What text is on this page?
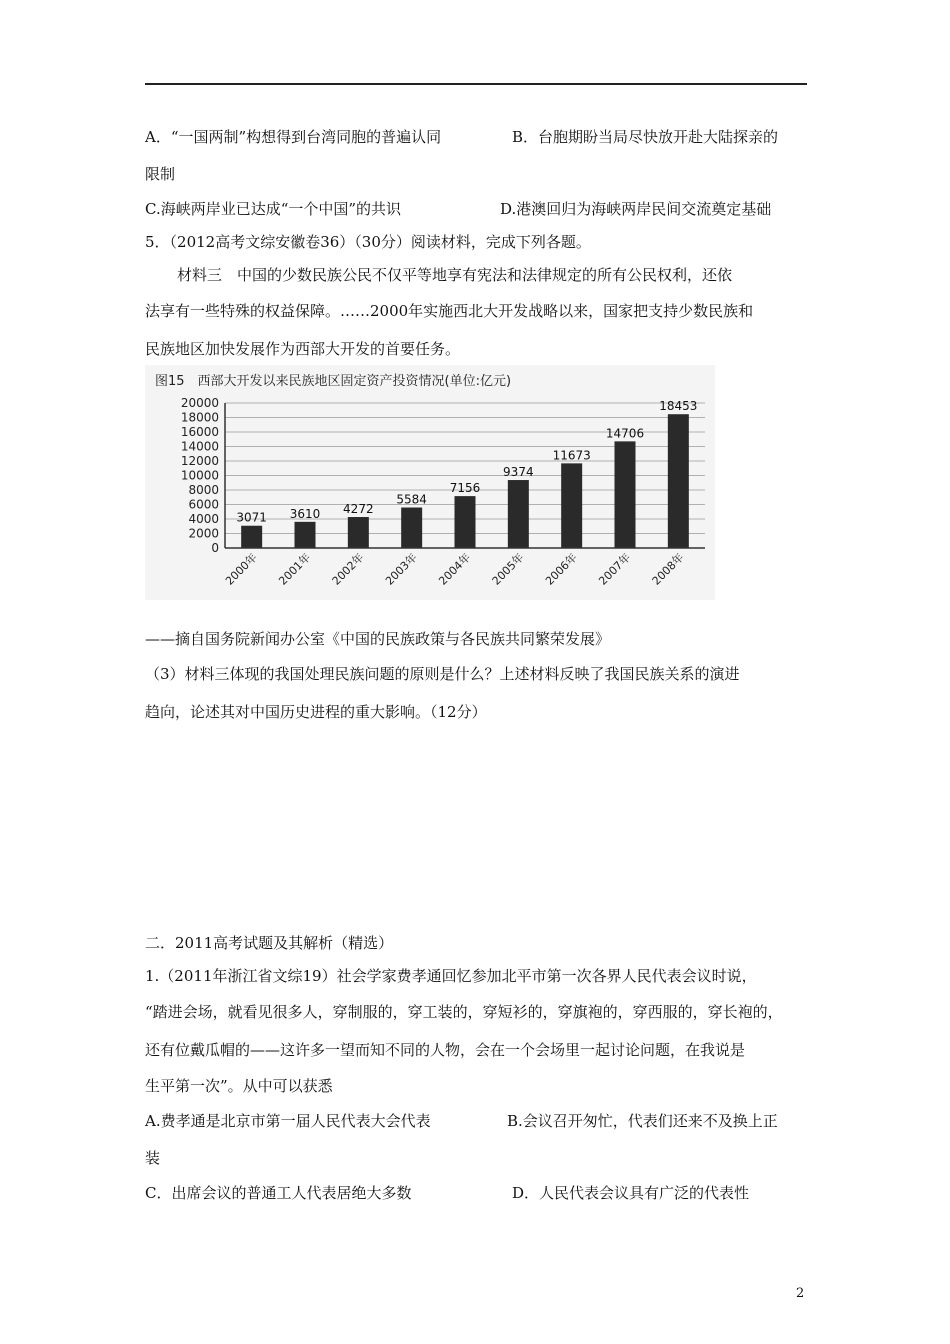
A．“一国两制”构想得到台湾同胞的普遍认同	B．台胞期盼当局尽快放开赴大陆探亲的
限制
C.海峡两岸业已达成“一个中国”的共识	D.港澳回归为海峡两岸民间交流奠定基础
5．（2012高考文综安徽卷36）（30分）阅读材料，完成下列各题。
材料三　中国的少数民族公民不仅平等地享有宪法和法律规定的所有公民权利，还依
法享有一些特殊的权益保障。……2000年实施西北大开发战略以来，国家把支持少数民族和
民族地区加快发展作为西部大开发的首要任务。
图15　西部大开发以来民族地区固定资产投资情况(单位:亿元)
0
2000
4000
6000
8000
10000
12000
14000
16000
18000
20000
3071 3610 4272
5584
7156
9374
11673
14706
18453
2000年 2001年 2002年 2003年 2004年 2005年 2006年 2007年 2008年
——摘自国务院新闻办公室《中国的民族政策与各民族共同繁荣发展》
（3）材料三体现的我国处理民族问题的原则是什么？上述材料反映了我国民族关系的演进
趋向，论述其对中国历史进程的重大影响。（12分）
二．2011高考试题及其解析（精选）
1.（2011年浙江省文综19）社会学家费孝通回忆参加北平市第一次各界人民代表会议时说，
“踏进会场，就看见很多人，穿制服的，穿工装的，穿短衫的，穿旗袍的，穿西服的，穿长袍的，
还有位戴瓜帽的——这许多一望而知不同的人物，会在一个会场里一起讨论问题，在我说是
生平第一次”。从中可以获悉
A.费孝通是北京市第一届人民代表大会代表	B.会议召开匆忙，代表们还来不及换上正
装
C．出席会议的普通工人代表居绝大多数	D．人民代表会议具有广泛的代表性
2
